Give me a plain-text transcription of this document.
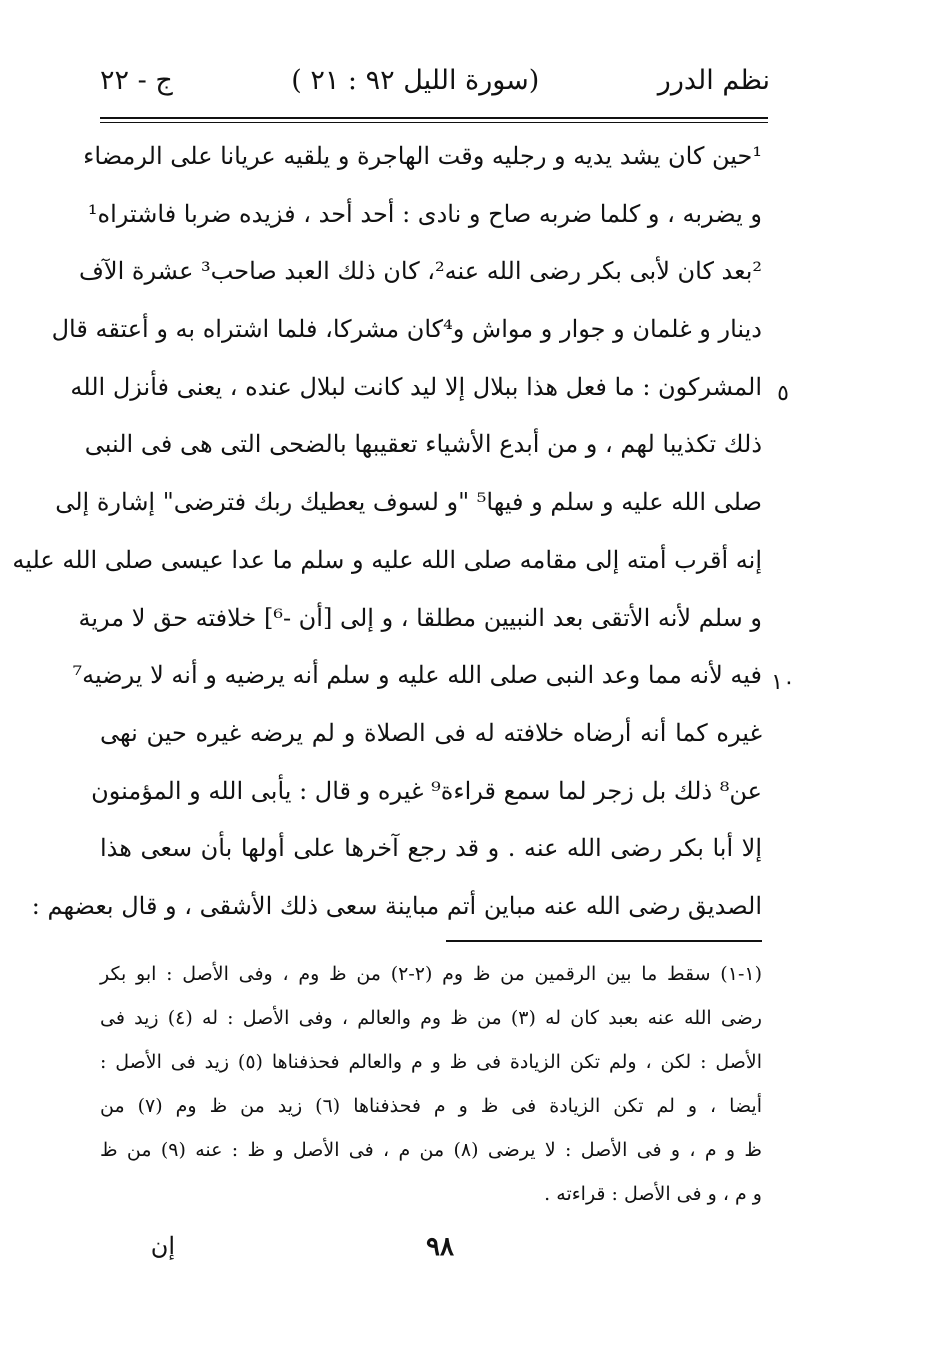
نظم الدرر
(سورة الليل ٩٢ : ٢١ )
ج - ٢٢
¹حين كان يشد يديه و رجليه وقت الهاجرة و يلقيه عريانا على الرمضاء
و يضربه ، و كلما ضربه صاح و نادى : أحد أحد ، فزيده ضربا فاشتراه¹
²بعد كان لأبى بكر رضى الله عنه²، كان ذلك العبد صاحب³ عشرة الآف
دينار و غلمان و جوار و مواش و⁴كان مشركا، فلما اشتراه به و أعتقه قال
المشركون : ما فعل هذا ببلال إلا ليد كانت لبلال عنده ، يعنى فأنزل الله
ذلك تكذيبا لهم ، و من أبدع الأشياء تعقيبها بالضحى التى هى فى النبى
صلى الله عليه و سلم و فيها⁵ "و لسوف يعطيك ربك فترضى" إشارة إلى
إنه أقرب أمته إلى مقامه صلى الله عليه و سلم ما عدا عيسى صلى الله عليه
و سلم لأنه الأتقى بعد النبيين مطلقا ، و إلى [أن -⁶] خلافته حق لا مرية
فيه لأنه مما وعد النبى صلى الله عليه و سلم أنه يرضيه و أنه لا يرضيه⁷
غيره كما أنه أرضاه خلافته له فى الصلاة و لم يرضه غيره حين نهى
عن⁸ ذلك بل زجر لما سمع قراءة⁹ غيره و قال : يأبى الله و المؤمنون
إلا أبا بكر رضى الله عنه . و قد رجع آخرها على أولها بأن سعى هذا
الصديق رضى الله عنه مباين أتم مباينة سعى ذلك الأشقى ، و قال بعضهم :
٥
١٠
(١-١) سقط ما بين الرقمين من ظ وم (٢-٢) من ظ وم ، وفى الأصل : ابو بكر
رضى الله عنه بعبد كان له (٣) من ظ وم والعالم ، وفى الأصل : له (٤) زيد فى
الأصل : لكن ، ولم تكن الزيادة فى ظ و م والعالم فحذفناها (٥) زيد فى الأصل :
أيضا ، و لم تكن الزيادة فى ظ و م فحذفناها (٦) زيد من ظ وم (٧) من
ظ و م ، و فى الأصل : لا يرضى (٨) من م ، فى الأصل و ظ : عنه (٩) من ظ
و م ، و فى الأصل : قراءته .
٩٨
إن
